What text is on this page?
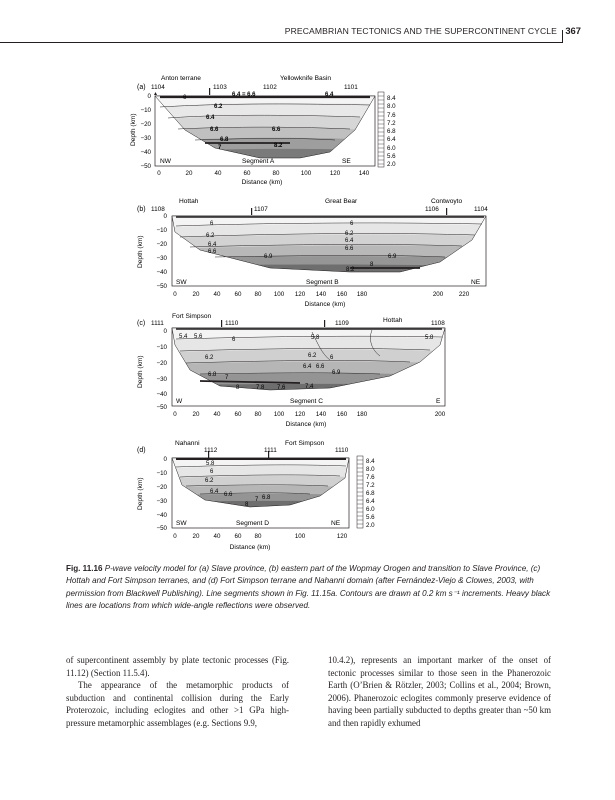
PRECAMBRIAN TECTONICS AND THE SUPERCONTINENT CYCLE 367
(a)
Anton terrane	Yellowknife Basin
1104	1103	1102	1101
6	6.4 = 6.6	6.4
6.2
6.4
6.6	6.6
6.8
7	8.2
NW	Segment A	SE
Depth (km)
0
−10
−20
−30
−40
−50
0	20	40	60	80	100	120	140
Distance (km)
8.4
8.0
7.6
7.2
6.8
6.4
6.0
5.6
2.0
(b)
Hottah	Great Bear	Contwoyto
1108	1107	1106	1104
6
6.2
6.4
6.6
6.9
6
6.2
6.4
6.6
6.9
8.2
8
SW	Segment B	NE
Depth (km)
0
−10
−20
−30
−40
−50
0	20 40 60 80 100 120 140 160 180	200	220
Distance (km)
(c)
Fort Simpson
Hottah
1111	1110	1109	1108
5.4 5.6	6	5.8	5.8
6.2	6.2 6
6.4 6.6
6.8	6.9
7
8	7.8 7.6	7.4
W	Segment C	E
Depth (km)
0
−10
−20
−30
−40
−50
0	20 40 60 80 100 120 140 160 180	200
Distance (km)
(d)
Nahanni	Fort Simpson
1112	1111	1110
5.8
6
6.2
6.4 6.6
7 6.8
8
SW	Segment D	NE
Depth (km)
0
−10
−20
−30
−40
−50
0	20 40 60 80	100	120
Distance (km)
8.4
8.0
7.6
7.2
6.8
6.4
6.0
5.6
2.0
Fig. 11.16 P-wave velocity model for (a) Slave province, (b) eastern part of the Wopmay Orogen and transition to Slave Province, (c) Hottah and Fort Simpson terranes, and (d) Fort Simpson terrane and Nahanni domain (after Fernández-Viejo & Clowes, 2003, with permission from Blackwell Publishing). Line segments shown in Fig. 11.15a. Contours are drawn at 0.2 km s⁻¹ increments. Heavy black lines are locations from which wide-angle reflections were observed.

of supercontinent assembly by plate tectonic processes (Fig. 11.12) (Section 11.5.4).

The appearance of the metamorphic products of subduction and continental collision during the Early Proterozoic, including eclogites and other >1 GPa high-pressure metamorphic assemblages (e.g. Sections 9.9,

10.4.2), represents an important marker of the onset of tectonic processes similar to those seen in the Phanerozoic Earth (O’Brien & Rötzler, 2003; Collins et al., 2004; Brown, 2006). Phanerozoic eclogites commonly preserve evidence of having been partially subducted to depths greater than ~50 km and then rapidly exhumed
